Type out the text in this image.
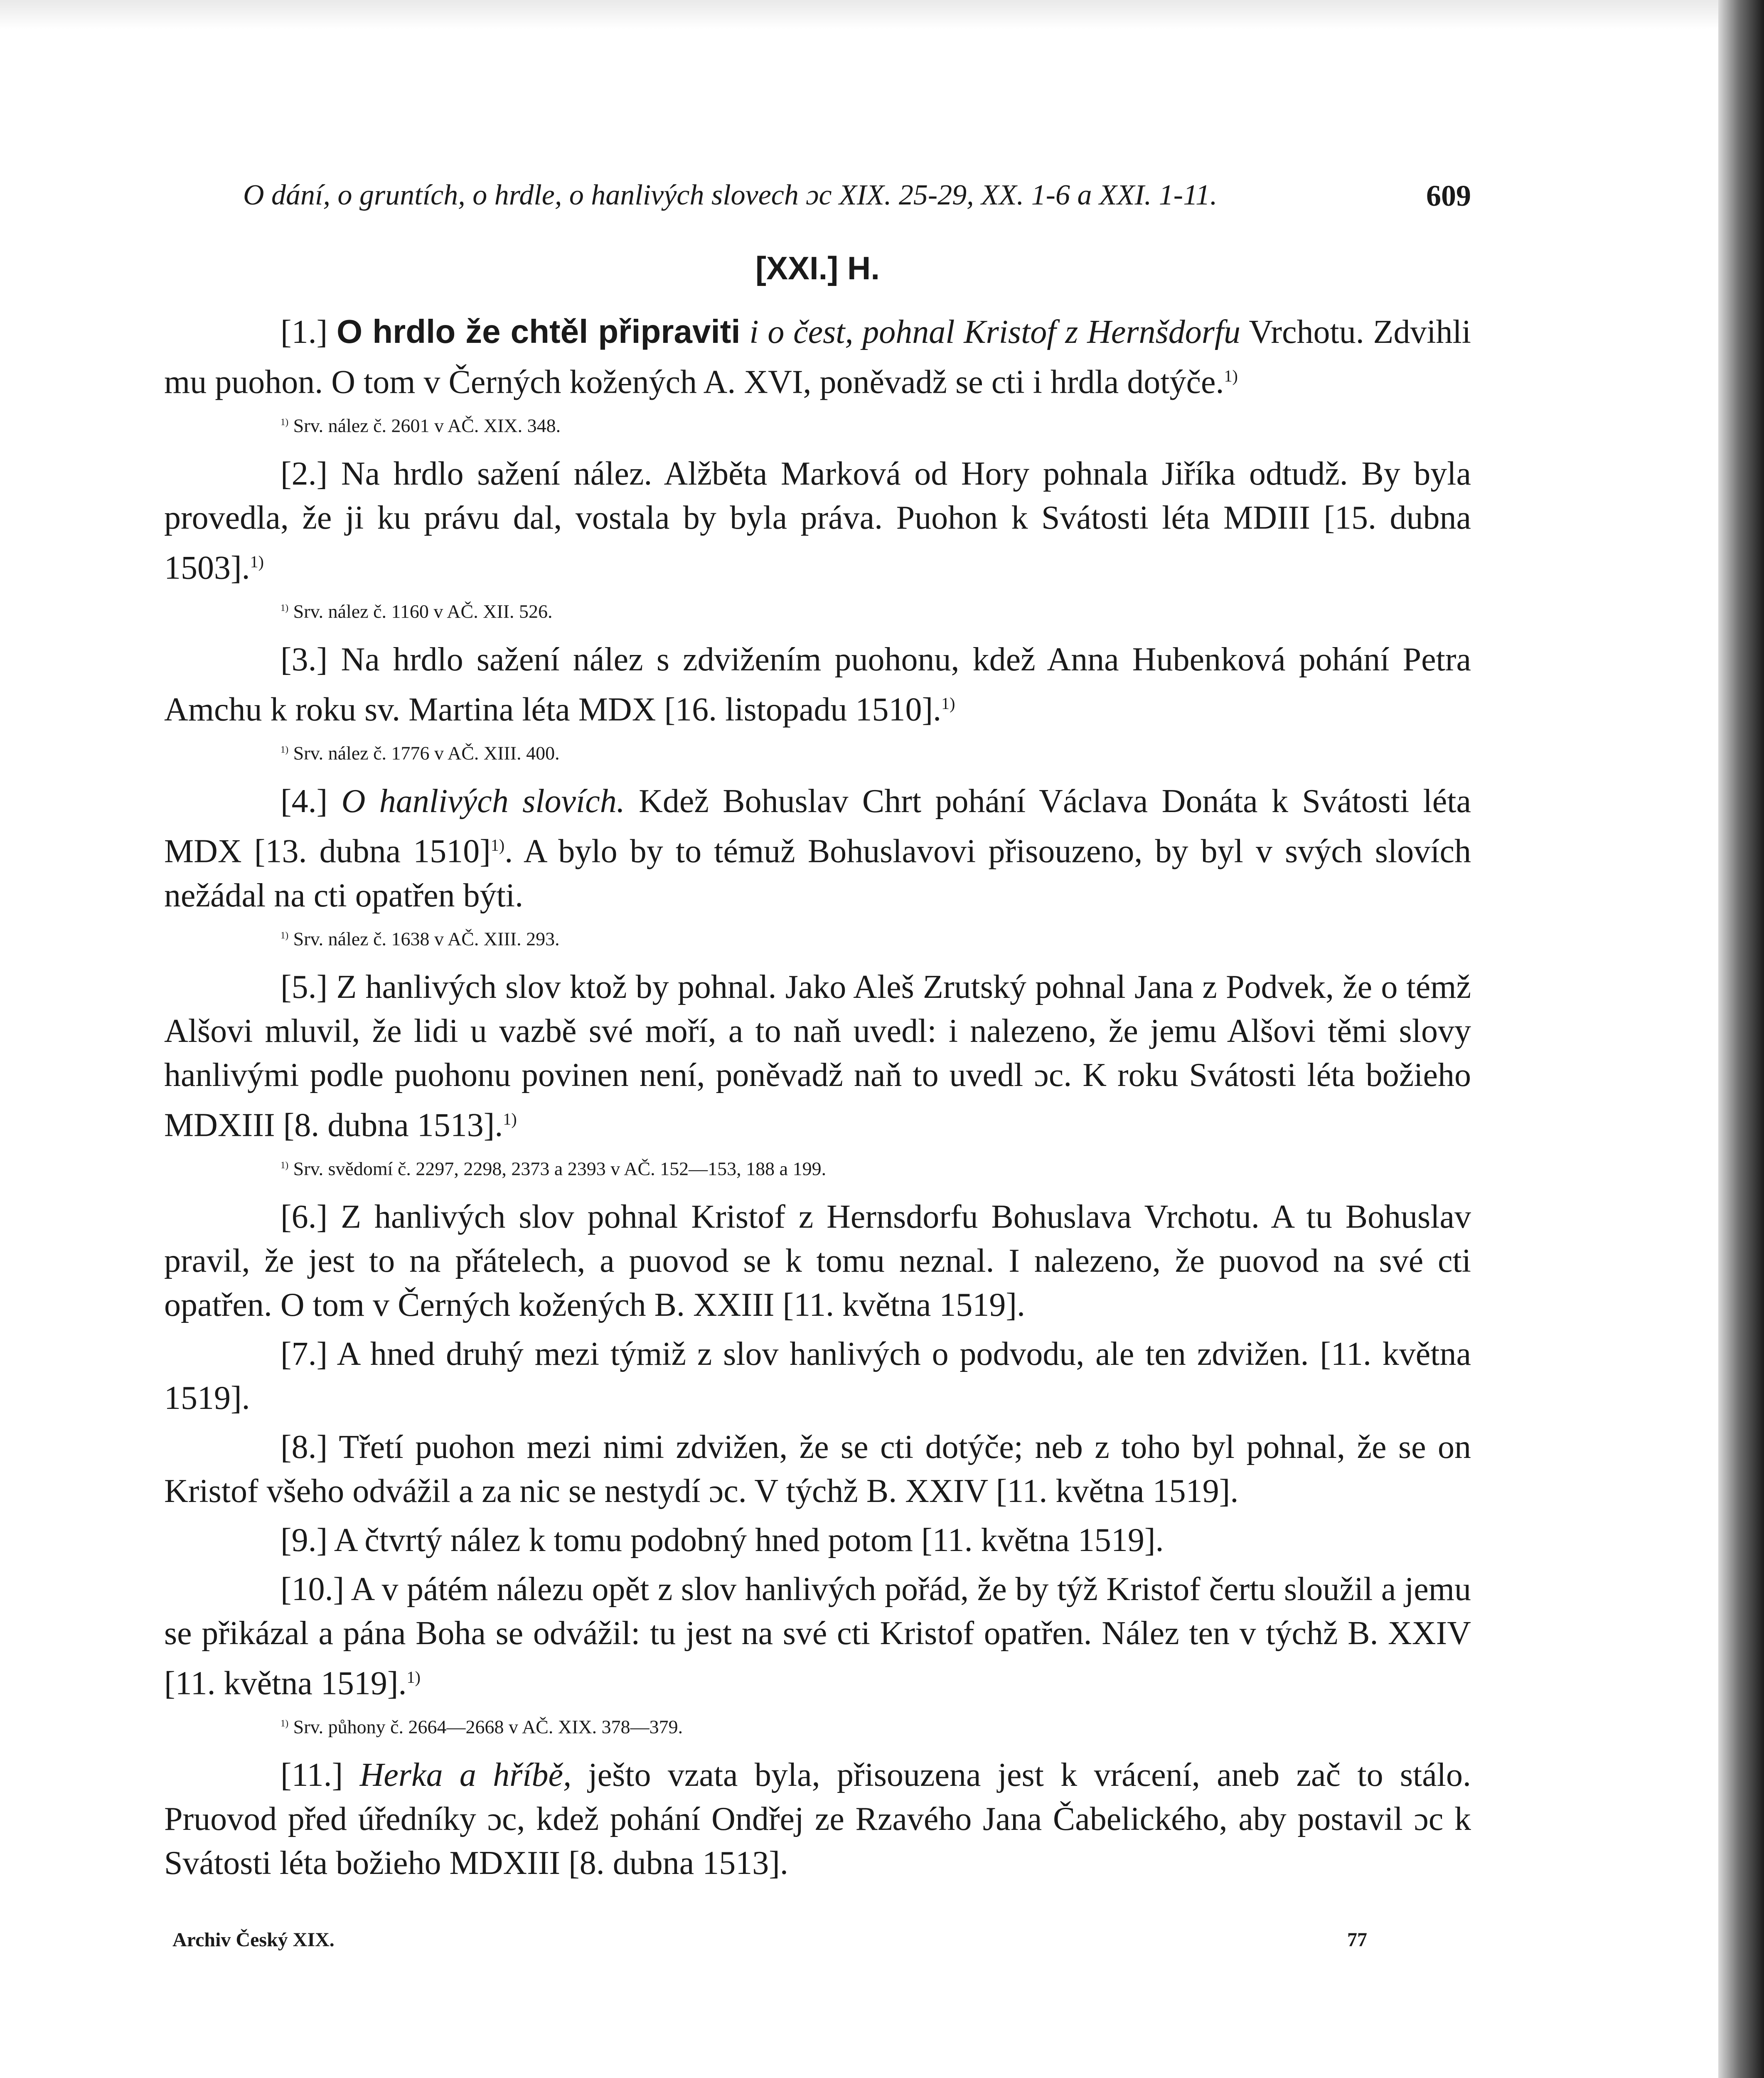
O dání, o gruntích, o hrdle, o hanlivých slovech ɔc XIX. 25-29, XX. 1-6 a XXI. 1-11.	609
[XXI.] H.

[1.] O hrdlo že chtěl připraviti i o čest, pohnal Kristof z Hernšdorfu Vrchotu. Zdvihli mu puohon. O tom v Černých kožených A. XVI, poněvadž se cti i hrdla dotýče.$^{1)}$

$^{1)}$ Srv. nález č. 2601 v AČ. XIX. 348.

[2.] Na hrdlo sažení nález. Alžběta Marková od Hory pohnala Jiříka odtudž. By byla provedla, že ji ku právu dal, vostala by byla práva. Puohon k Svátosti léta MDIII [15. dubna 1503].$^{1)}$

$^{1)}$ Srv. nález č. 1160 v AČ. XII. 526.

[3.] Na hrdlo sažení nález s zdvižením puohonu, kdež Anna Hubenková pohání Petra Amchu k roku sv. Martina léta MDX [16. listopadu 1510].$^{1)}$

$^{1)}$ Srv. nález č. 1776 v AČ. XIII. 400.

[4.] O hanlivých slovích. Kdež Bohuslav Chrt pohání Václava Donáta k Svátosti léta MDX [13. dubna 1510]$^{1)}$. A bylo by to témuž Bohuslavovi přisouzeno, by byl v svých slovích nežádal na cti opatřen býti.

$^{1)}$ Srv. nález č. 1638 v AČ. XIII. 293.

[5.] Z hanlivých slov ktož by pohnal. Jako Aleš Zrutský pohnal Jana z Podvek, že o témž Alšovi mluvil, že lidi u vazbě své moří, a to naň uvedl: i nalezeno, že jemu Alšovi těmi slovy hanlivými podle puohonu povinen není, poněvadž naň to uvedl ɔc. K roku Svátosti léta božieho MDXIII [8. dubna 1513].$^{1)}$

$^{1)}$ Srv. svědomí č. 2297, 2298, 2373 a 2393 v AČ. 152—153, 188 a 199.

[6.] Z hanlivých slov pohnal Kristof z Hernsdorfu Bohuslava Vrchotu. A tu Bohuslav pravil, že jest to na přátelech, a puovod se k tomu neznal. I nalezeno, že puovod na své cti opatřen. O tom v Černých kožených B. XXIII [11. května 1519].

[7.] A hned druhý mezi týmiž z slov hanlivých o podvodu, ale ten zdvižen. [11. května 1519].

[8.] Třetí puohon mezi nimi zdvižen, že se cti dotýče; neb z toho byl pohnal, že se on Kristof všeho odvážil a za nic se nestydí ɔc. V týchž B. XXIV [11. května 1519].

[9.] A čtvrtý nález k tomu podobný hned potom [11. května 1519].

[10.] A v pátém nálezu opět z slov hanlivých pořád, že by týž Kristof čertu sloužil a jemu se přikázal a pána Boha se odvážil: tu jest na své cti Kristof opatřen. Nález ten v týchž B. XXIV [11. května 1519].$^{1)}$

$^{1)}$ Srv. půhony č. 2664—2668 v AČ. XIX. 378—379.

[11.] Herka a hříbě, ješto vzata byla, přisouzena jest k vrácení, aneb zač to stálo. Pruovod před úředníky ɔc, kdež pohání Ondřej ze Rzavého Jana Čabelického, aby postavil ɔc k Svátosti léta božieho MDXIII [8. dubna 1513].

Archiv Český XIX.	77
